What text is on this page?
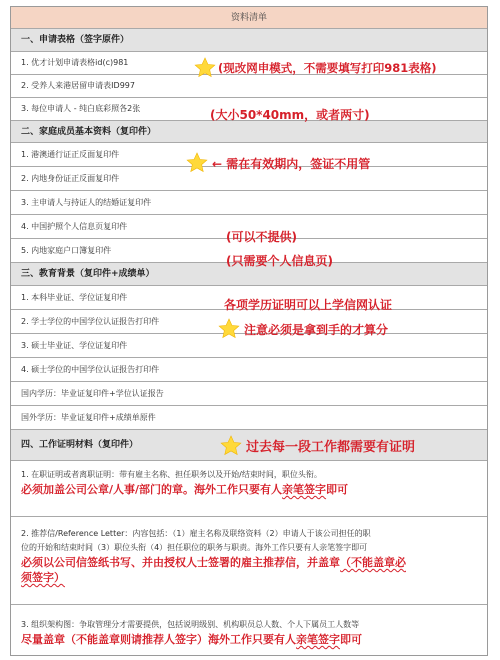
资料清单
一、申请表格（签字原件）
1. 优才计划申请表格id(c)981
2. 受养人来港居留申请表ID997
3. 每位申请人 - 纯白底彩照各2张
二、家庭成员基本资料（复印件）
1. 港澳通行证正反面复印件
2. 内地身份证正反面复印件
3. 主申请人与持证人的结婚证复印件
4. 中国护照个人信息页复印件
5. 内地家庭户口簿复印件
三、教育背景（复印件+成绩单）
1. 本科毕业证、学位证复印件
2. 学士学位的中国学位认证报告打印件
3. 硕士毕业证、学位证复印件
4. 硕士学位的中国学位认证报告打印件
国内学历：毕业证复印件+学位认证报告
国外学历：毕业证复印件+成绩单原件
四、工作证明材料（复印件）
1. 在职证明或者离职证明：带有雇主名称、担任职务以及开始/结束时间，职位头衔。
必须加盖公司公章/人事/部门的章。海外工作只要有人亲笔签字即可
2. 推荐信/Reference Letter：内容包括：（1）雇主名称及联络资料（2）申请人于该公司担任的职
位的开始和结束时间（3）职位头衔（4）担任职位的职务与职责。海外工作只要有人亲笔签字即可
必须以公司信签纸书写、并由授权人士签署的雇主推荐信，并盖章（不能盖章必
须签字）
3. 组织架构图：争取管理分才需要提供，包括说明级别、机构职员总人数、个人下属员工人数等
尽量盖章（不能盖章则请推荐人签字）海外工作只要有人亲笔签字即可
(现改网申模式，不需要填写打印981表格)
(大小50*40mm，或者两寸)
← 需在有效期内，签证不用管
(可以不提供)
(只需要个人信息页)
各项学历证明可以上学信网认证
注意必须是拿到手的才算分
过去每一段工作都需要有证明
